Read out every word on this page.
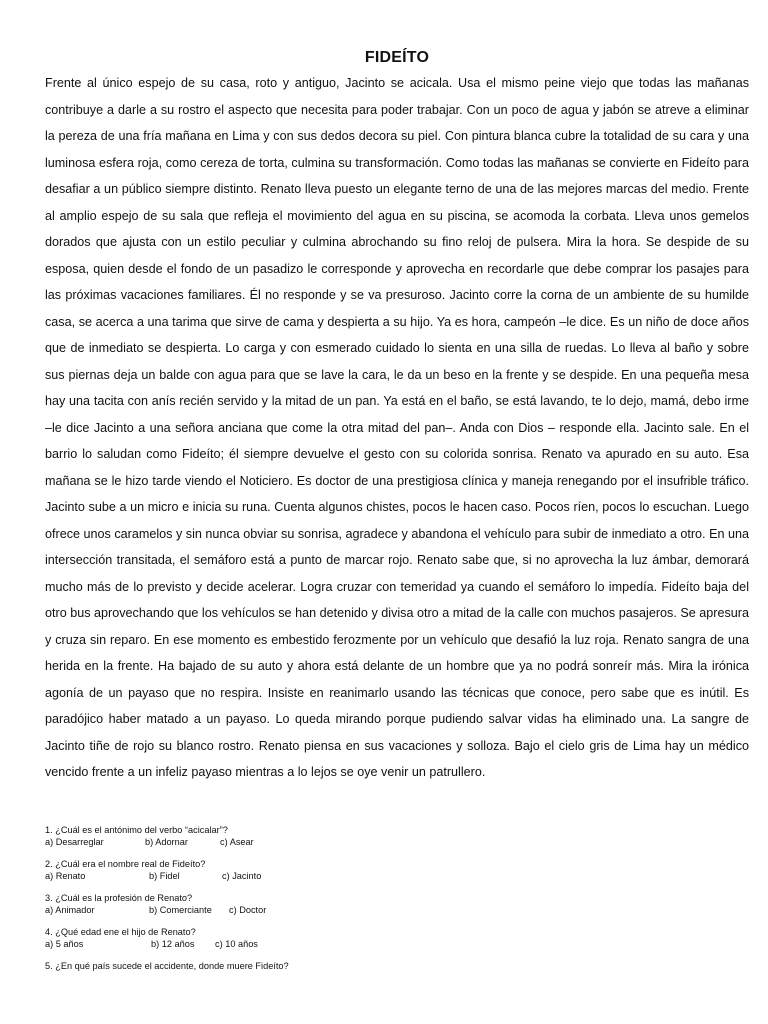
FIDEÍTO

Frente al único espejo de su casa, roto y antiguo, Jacinto se acicala. Usa el mismo peine viejo que todas las mañanas contribuye a darle a su rostro el aspecto que necesita para poder trabajar. Con un poco de agua y jabón se atreve a eliminar la pereza de una fría mañana en Lima y con sus dedos decora su piel. Con pintura blanca cubre la totalidad de su cara y una luminosa esfera roja, como cereza de torta, culmina su transformación. Como todas las mañanas se convierte en Fideíto para desafiar a un público siempre distinto. Renato lleva puesto un elegante terno de una de las mejores marcas del medio. Frente al amplio espejo de su sala que refleja el movimiento del agua en su piscina, se acomoda la corbata. Lleva unos gemelos dorados que ajusta con un estilo peculiar y culmina abrochando su fino reloj de pulsera. Mira la hora. Se despide de su esposa, quien desde el fondo de un pasadizo le corresponde y aprovecha en recordarle que debe comprar los pasajes para las próximas vacaciones familiares. Él no responde y se va presuroso. Jacinto corre la corna de un ambiente de su humilde casa, se acerca a una tarima que sirve de cama y despierta a su hijo. Ya es hora, campeón –le dice. Es un niño de doce años que de inmediato se despierta. Lo carga y con esmerado cuidado lo sienta en una silla de ruedas. Lo lleva al baño y sobre sus piernas deja un balde con agua para que se lave la cara, le da un beso en la frente y se despide. En una pequeña mesa hay una tacita con anís recién servido y la mitad de un pan. Ya está en el baño, se está lavando, te lo dejo, mamá, debo irme –le dice Jacinto a una señora anciana que come la otra mitad del pan–. Anda con Dios – responde ella. Jacinto sale. En el barrio lo saludan como Fideíto; él siempre devuelve el gesto con su colorida sonrisa. Renato va apurado en su auto. Esa mañana se le hizo tarde viendo el Noticiero. Es doctor de una prestigiosa clínica y maneja renegando por el insufrible tráfico. Jacinto sube a un micro e inicia su runa. Cuenta algunos chistes, pocos le hacen caso. Pocos ríen, pocos lo escuchan. Luego ofrece unos caramelos y sin nunca obviar su sonrisa, agradece y abandona el vehículo para subir de inmediato a otro. En una intersección transitada, el semáforo está a punto de marcar rojo. Renato sabe que, si no aprovecha la luz ámbar, demorará mucho más de lo previsto y decide acelerar. Logra cruzar con temeridad ya cuando el semáforo lo impedía. Fideíto baja del otro bus aprovechando que los vehículos se han detenido y divisa otro a mitad de la calle con muchos pasajeros. Se apresura y cruza sin reparo. En ese momento es embestido ferozmente por un vehículo que desafió la luz roja. Renato sangra de una herida en la frente. Ha bajado de su auto y ahora está delante de un hombre que ya no podrá sonreír más. Mira la irónica agonía de un payaso que no respira. Insiste en reanimarlo usando las técnicas que conoce, pero sabe que es inútil. Es paradójico haber matado a un payaso. Lo queda mirando porque pudiendo salvar vidas ha eliminado una. La sangre de Jacinto tiñe de rojo su blanco rostro. Renato piensa en sus vacaciones y solloza. Bajo el cielo gris de Lima hay un médico vencido frente a un infeliz payaso mientras a lo lejos se oye venir un patrullero.

1. ¿Cuál es el antónimo del verbo “acicalar”?
a) Desarreglar	b) Adornar	c) Asear
2. ¿Cuál era el nombre real de Fideíto?
a) Renato	b) Fidel	c) Jacinto
3. ¿Cuál es la profesión de Renato?
a) Animador	b) Comerciante	c) Doctor
4. ¿Qué edad ene el hijo de Renato?
a) 5 años	b) 12 años	c) 10 años
5. ¿En qué país sucede el accidente, donde muere Fideíto?
